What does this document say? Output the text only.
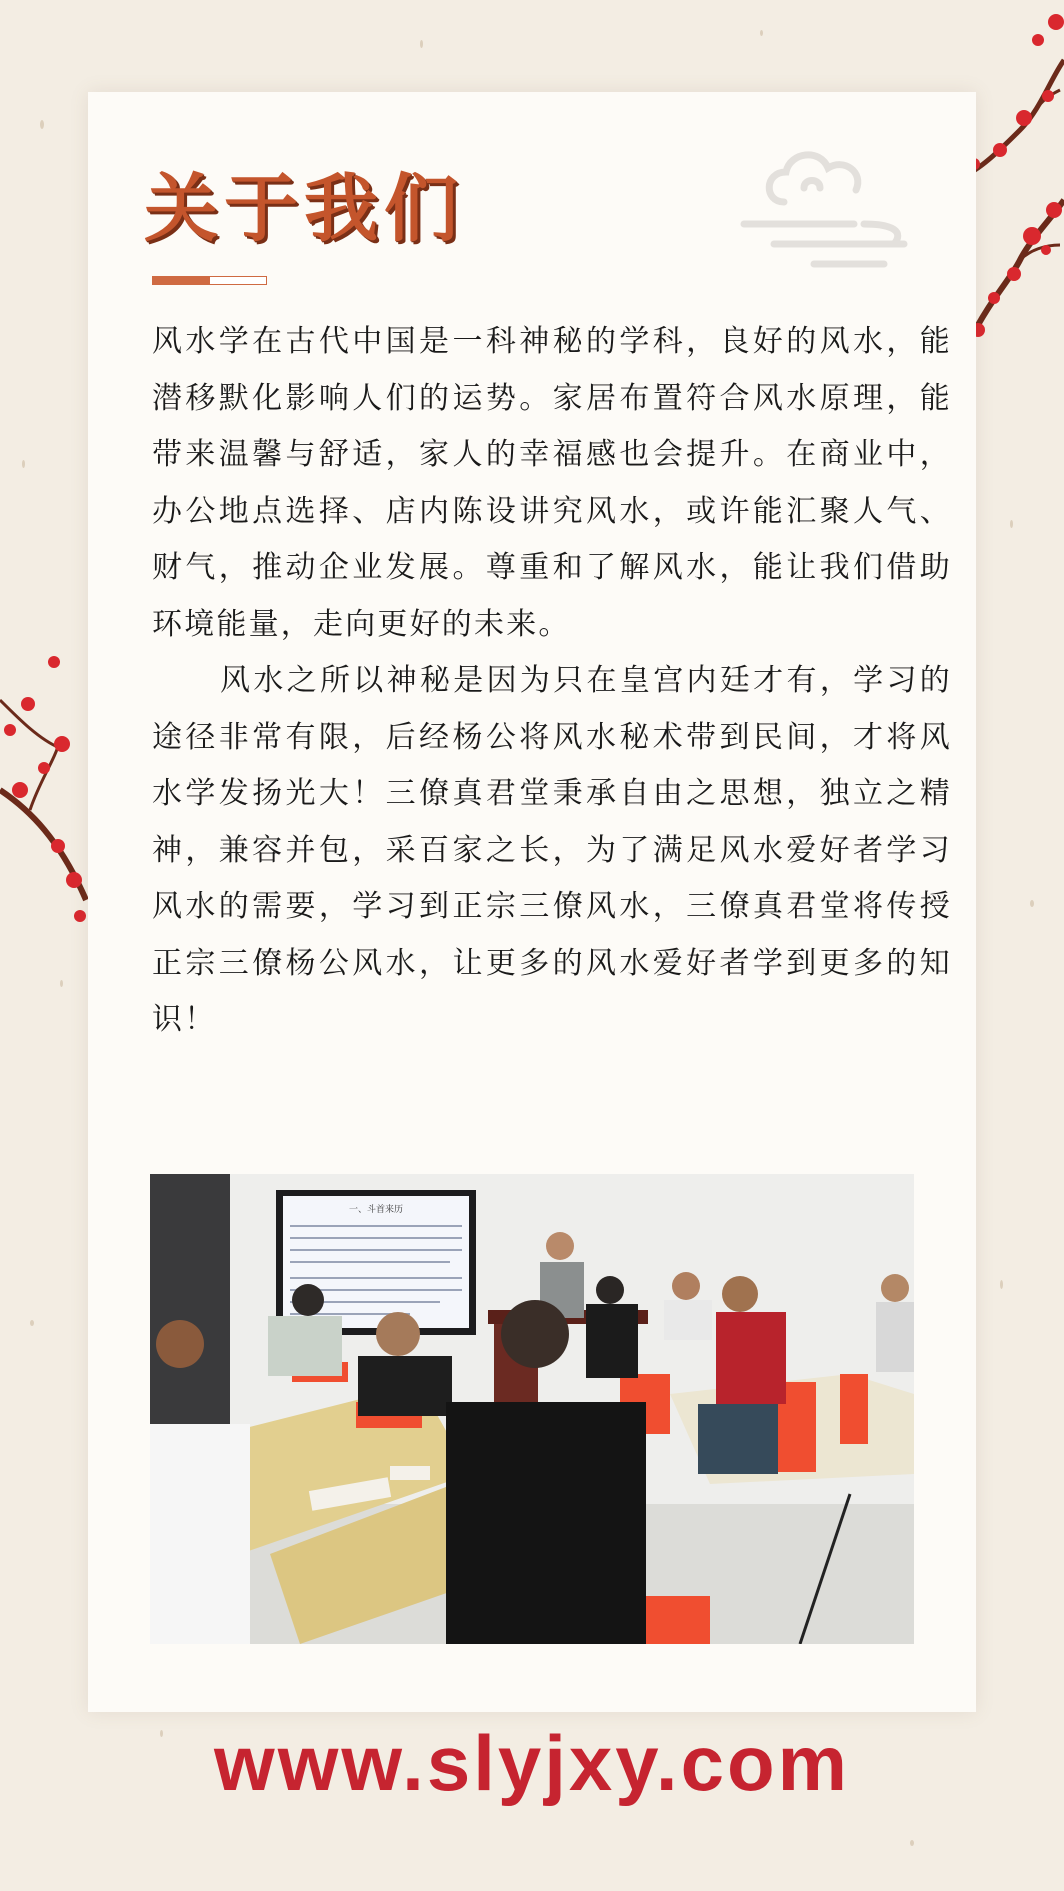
关于我们

风水学在古代中国是一科神秘的学科，良好的风水，能潜移默化影响人们的运势。家居布置符合风水原理，能带来温馨与舒适，家人的幸福感也会提升。在商业中，办公地点选择、店内陈设讲究风水，或许能汇聚人气、财气，推动企业发展。尊重和了解风水，能让我们借助环境能量，走向更好的未来。

风水之所以神秘是因为只在皇宫内廷才有，学习的途径非常有限，后经杨公将风水秘术带到民间，才将风水学发扬光大！三僚真君堂秉承自由之思想，独立之精神，兼容并包，采百家之长，为了满足风水爱好者学习风水的需要，学习到正宗三僚风水，三僚真君堂将传授正宗三僚杨公风水，让更多的风水爱好者学到更多的知识！

一、斗首来历
www.slyjxy.com
